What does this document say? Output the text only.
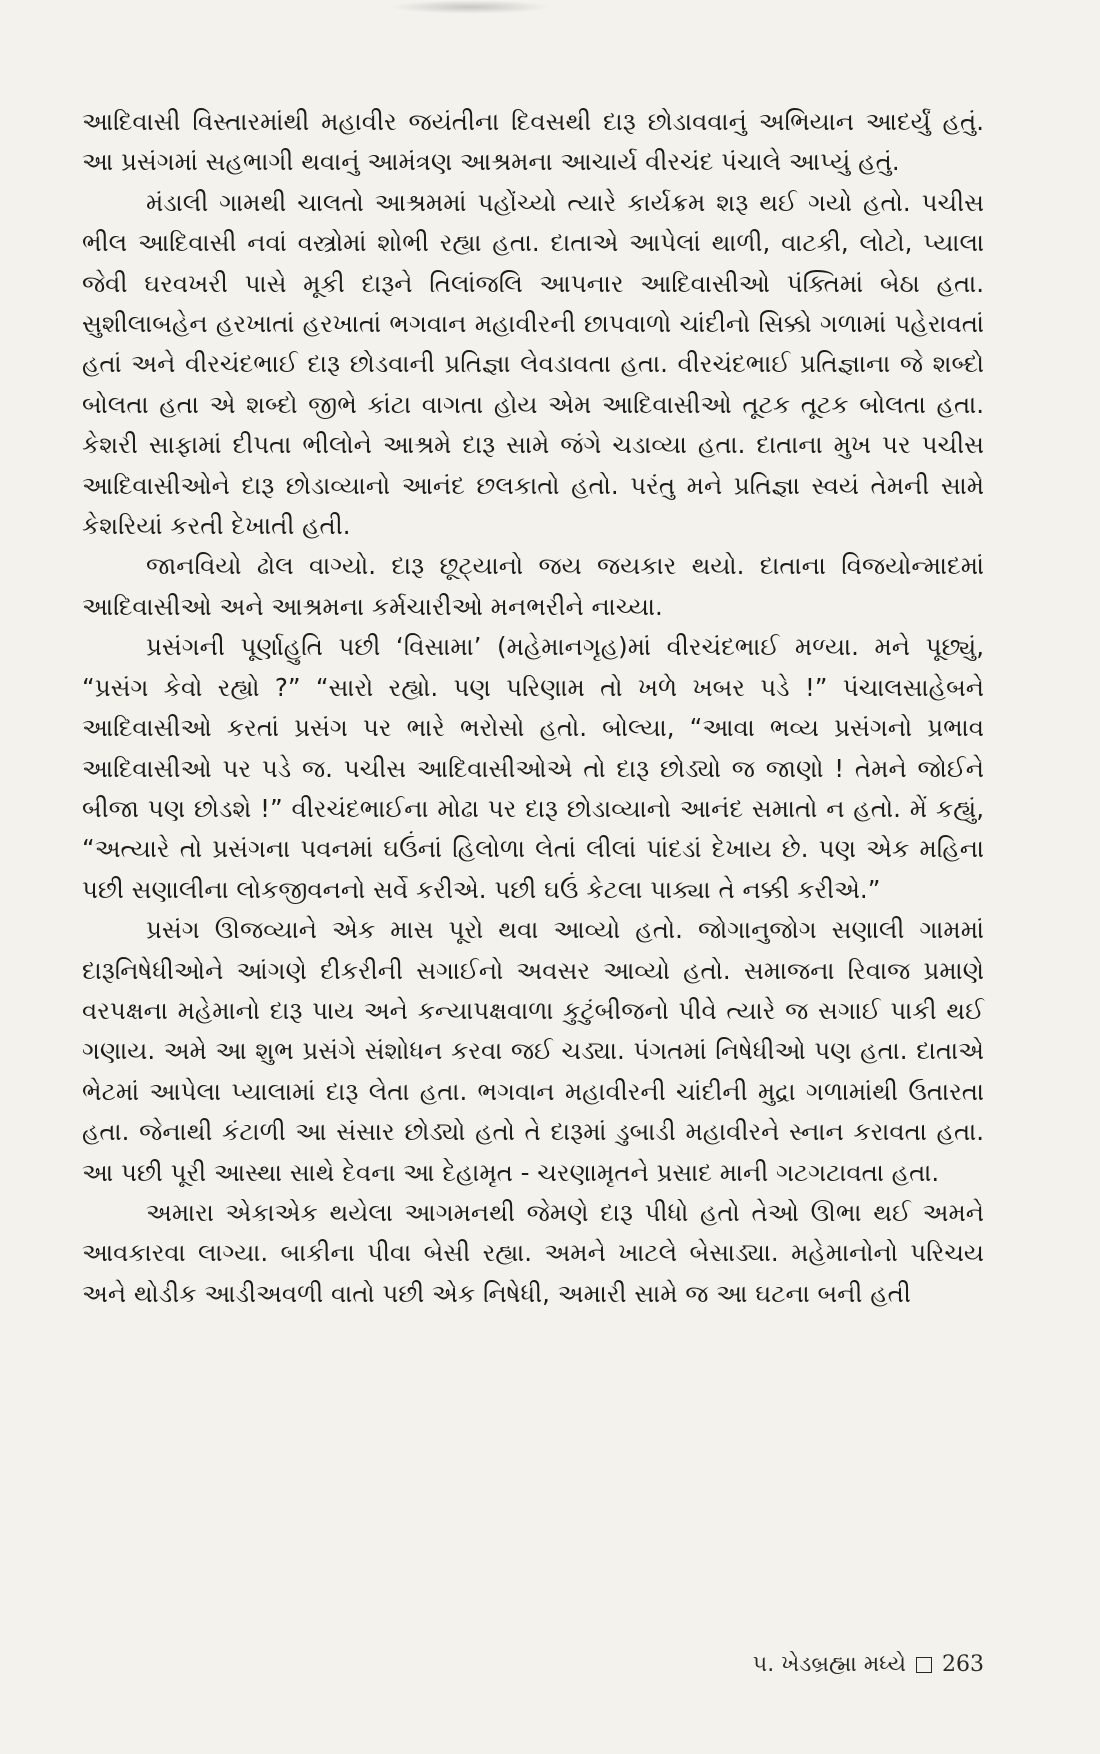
આદિવાસી વિસ્તારમાંથી મહાવીર જયંતીના દિવસથી દારૂ છોડાવવાનું અભિયાન આદર્યું હતું. આ પ્રસંગમાં સહભાગી થવાનું આમંત્રણ આશ્રમના આચાર્ય વીરચંદ પંચાલે આપ્યું હતું.

મંડાલી ગામથી ચાલતો આશ્રમમાં પહોંચ્યો ત્યારે કાર્યક્રમ શરૂ થઈ ગયો હતો. પચીસ ભીલ આદિવાસી નવાં વસ્ત્રોમાં શોભી રહ્યા હતા. દાતાએ આપેલાં થાળી, વાટકી, લોટો, પ્યાલા જેવી ઘરવખરી પાસે મૂકી દારૂને તિલાંજલિ આપનાર આદિવાસીઓ પંક્તિમાં બેઠા હતા. સુશીલાબહેન હરખાતાં હરખાતાં ભગવાન મહાવીરની છાપવાળો ચાંદીનો સિક્કો ગળામાં પહેરાવતાં હતાં અને વીરચંદભાઈ દારૂ છોડવાની પ્રતિજ્ઞા લેવડાવતા હતા. વીરચંદભાઈ પ્રતિજ્ઞાના જે શબ્દો બોલતા હતા એ શબ્દો જીભે કાંટા વાગતા હોય એમ આદિવાસીઓ તૂટક તૂટક બોલતા હતા. કેશરી સાફામાં દીપતા ભીલોને આશ્રમે દારૂ સામે જંગે ચડાવ્યા હતા. દાતાના મુખ પર પચીસ આદિવાસીઓને દારૂ છોડાવ્યાનો આનંદ છલકાતો હતો. પરંતુ મને પ્રતિજ્ઞા સ્વયં તેમની સામે કેશરિયાં કરતી દેખાતી હતી.

જાનવિયો ઢોલ વાગ્યો. દારૂ છૂટ્યાનો જય જયકાર થયો. દાતાના વિજયોન્માદમાં આદિવાસીઓ અને આશ્રમના કર્મચારીઓ મનભરીને નાચ્યા.

પ્રસંગની પૂર્ણાહુતિ પછી ‘વિસામા’ (મહેમાનગૃહ)માં વીરચંદભાઈ મળ્યા. મને પૂછ્યું, “પ્રસંગ કેવો રહ્યો ?” “સારો રહ્યો. પણ પરિણામ તો ખળે ખબર પડે !” પંચાલસાહેબને આદિવાસીઓ કરતાં પ્રસંગ પર ભારે ભરોસો હતો. બોલ્યા, “આવા ભવ્ય પ્રસંગનો પ્રભાવ આદિવાસીઓ પર પડે જ. પચીસ આદિવાસીઓએ તો દારૂ છોડ્યો જ જાણો ! તેમને જોઈને બીજા પણ છોડશે !” વીરચંદભાઈના મોઢા પર દારૂ છોડાવ્યાનો આનંદ સમાતો ન હતો. મેં કહ્યું, “અત્યારે તો પ્રસંગના પવનમાં ઘઉંનાં હિલોળા લેતાં લીલાં પાંદડાં દેખાય છે. પણ એક મહિના પછી સણાલીના લોકજીવનનો સર્વે કરીએ. પછી ઘઉં કેટલા પાક્યા તે નક્કી કરીએ.”

પ્રસંગ ઊજવ્યાને એક માસ પૂરો થવા આવ્યો હતો. જોગાનુજોગ સણાલી ગામમાં દારૂનિષેધીઓને આંગણે દીકરીની સગાઈનો અવસર આવ્યો હતો. સમાજના રિવાજ પ્રમાણે વરપક્ષના મહેમાનો દારૂ પાય અને કન્યાપક્ષવાળા કુટુંબીજનો પીવે ત્યારે જ સગાઈ પાકી થઈ ગણાય. અમે આ શુભ પ્રસંગે સંશોધન કરવા જઈ ચડ્યા. પંગતમાં નિષેધીઓ પણ હતા. દાતાએ ભેટમાં આપેલા પ્યાલામાં દારૂ લેતા હતા. ભગવાન મહાવીરની ચાંદીની મુદ્રા ગળામાંથી ઉતારતા હતા. જેનાથી કંટાળી આ સંસાર છોડ્યો હતો તે દારૂમાં ડુબાડી મહાવીરને સ્નાન કરાવતા હતા. આ પછી પૂરી આસ્થા સાથે દેવના આ દેહામૃત - ચરણામૃતને પ્રસાદ માની ગટગટાવતા હતા.

અમારા એકાએક થયેલા આગમનથી જેમણે દારૂ પીધો હતો તેઓ ઊભા થઈ અમને આવકારવા લાગ્યા. બાકીના પીવા બેસી રહ્યા. અમને ખાટલે બેસાડ્યા. મહેમાનોનો પરિચય અને થોડીક આડીઅવળી વાતો પછી એક નિષેધી, અમારી સામે જ આ ઘટના બની હતી

૫. ખેડબ્રહ્મા મધ્યે 263
